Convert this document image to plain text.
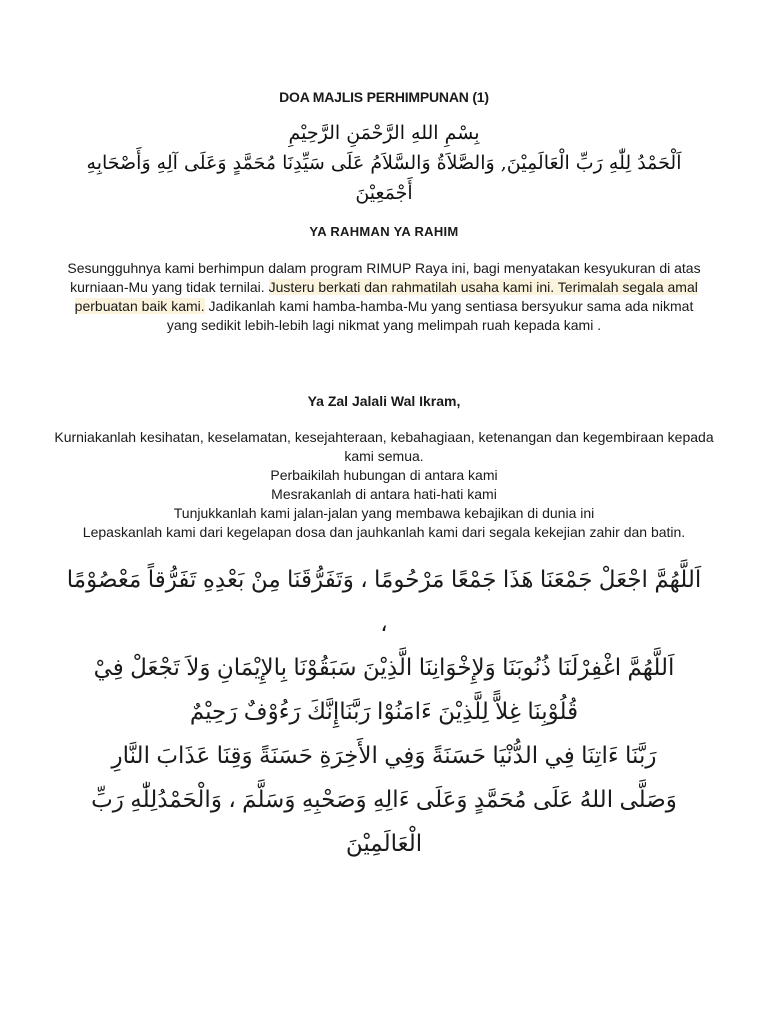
DOA MAJLIS PERHIMPUNAN (1)
بِسْمِ اللهِ الرَّحْمَنِ الرَّحِيْمِ
اَلْحَمْدُ لِلّٰهِ رَبِّ الْعَالَمِيْنَ, وَالصَّلاَةُ وَالسَّلاَمُ عَلَى سَيِّدِنَا مُحَمَّدٍ وَعَلَى آلِهِ وَأَصْحَابِهِ أَجْمَعِيْنَ
YA RAHMAN YA RAHIM
Sesungguhnya kami berhimpun dalam program RIMUP Raya ini, bagi menyatakan kesyukuran di atas kurniaan-Mu yang tidak ternilai. Justeru berkati dan rahmatilah usaha kami ini. Terimalah segala amal perbuatan baik kami. Jadikanlah kami hamba-hamba-Mu yang sentiasa bersyukur sama ada nikmat yang sedikit lebih-lebih lagi nikmat yang melimpah ruah kepada kami .
Ya Zal Jalali Wal Ikram,
Kurniakanlah kesihatan, keselamatan, kesejahteraan, kebahagiaan, ketenangan dan kegembiraan kepada kami semua.
Perbaikilah hubungan di antara kami
Mesrakanlah di antara hati-hati kami
Tunjukkanlah kami jalan-jalan yang membawa kebajikan di dunia ini
Lepaskanlah kami dari kegelapan dosa dan jauhkanlah kami dari segala kekejian zahir dan batin.
اَللَّهُمَّ اجْعَلْ جَمْعَنَا هَذَا جَمْعًا مَرْحُومًا ، وَتَفَرُّقَنَا مِنْ بَعْدِهِ تَفَرُّقاً مَعْصُوْمًا ،
اَللَّهُمَّ اغْفِرْلَنَا ذُنُوبَنَا وَلإِخْوَانِنَا الَّذِيْنَ سَبَقُوْنَا بِالإِيْمَانِ وَلاَ تَجْعَلْ فِيْ
قُلُوْبِنَا غِلاًّ لِلَّذِيْنَ ءَامَنُوْا رَبَّنَاإِنَّكَ رَءُوْفٌ رَحِيْمٌ
رَبَّنَا ءَاتِنَا فِي الدُّنْيَا حَسَنَةً وَفِي الأَخِرَةِ حَسَنَةً وَقِنَا عَذَابَ النَّارِ
وَصَلَّى اللهُ عَلَى مُحَمَّدٍ وَعَلَى ءَالِهِ وَصَحْبِهِ وَسَلَّمَ ، وَالْحَمْدُلِلّٰهِ رَبِّ الْعَالَمِيْنَ
